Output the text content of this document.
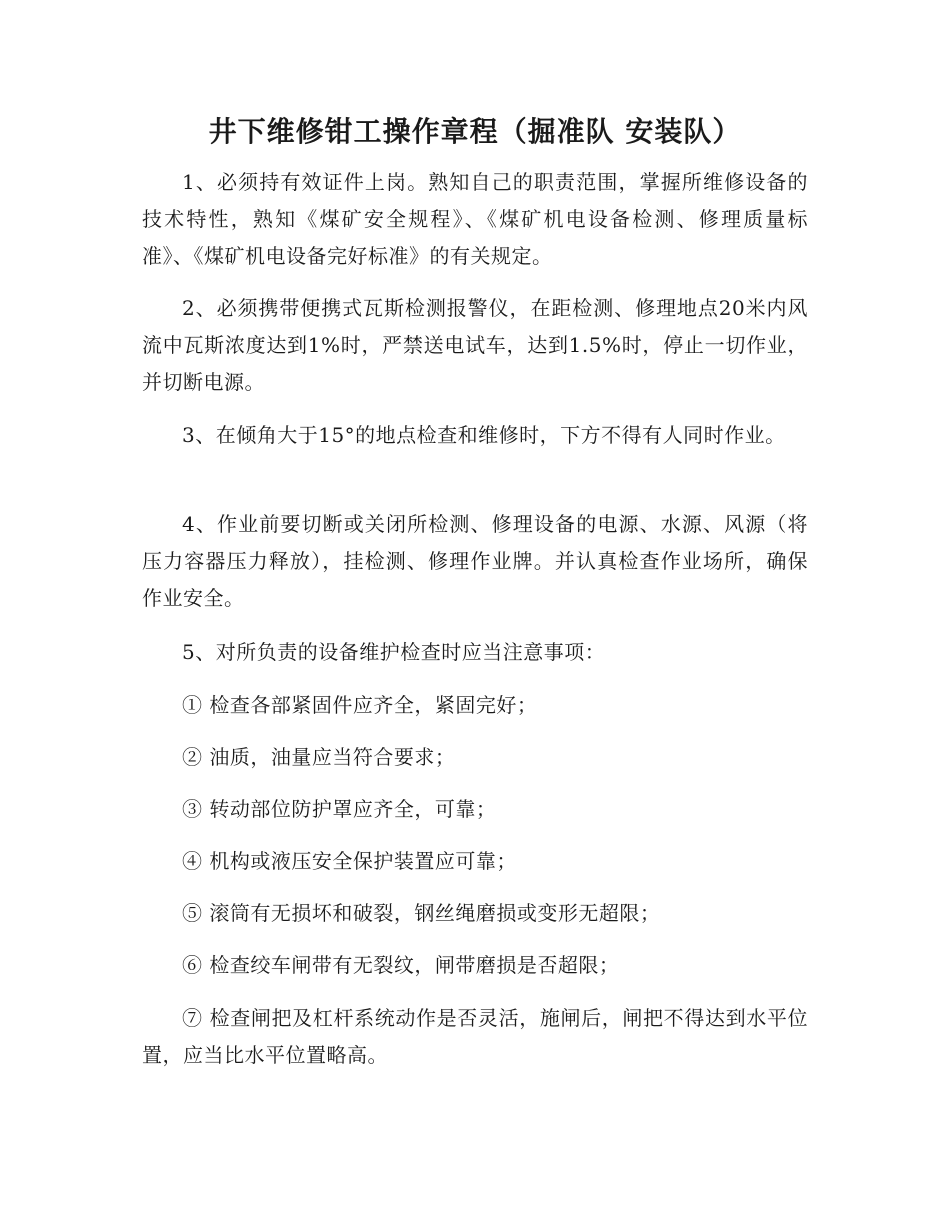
井下维修钳工操作章程（掘准队 安装队）
1、必须持有效证件上岗。熟知自己的职责范围，掌握所维修设备的技术特性，熟知《煤矿安全规程》、《煤矿机电设备检测、修理质量标准》、《煤矿机电设备完好标准》的有关规定。
2、必须携带便携式瓦斯检测报警仪，在距检测、修理地点20米内风流中瓦斯浓度达到1%时，严禁送电试车，达到1.5%时，停止一切作业，并切断电源。
3、在倾角大于15°的地点检查和维修时，下方不得有人同时作业。
4、作业前要切断或关闭所检测、修理设备的电源、水源、风源（将压力容器压力释放），挂检测、修理作业牌。并认真检查作业场所，确保作业安全。
5、对所负责的设备维护检查时应当注意事项：
① 检查各部紧固件应齐全，紧固完好；
② 油质，油量应当符合要求；
③ 转动部位防护罩应齐全，可靠；
④ 机构或液压安全保护装置应可靠；
⑤ 滚筒有无损坏和破裂，钢丝绳磨损或变形无超限；
⑥ 检查绞车闸带有无裂纹，闸带磨损是否超限；
⑦ 检查闸把及杠杆系统动作是否灵活，施闸后，闸把不得达到水平位置，应当比水平位置略高。
